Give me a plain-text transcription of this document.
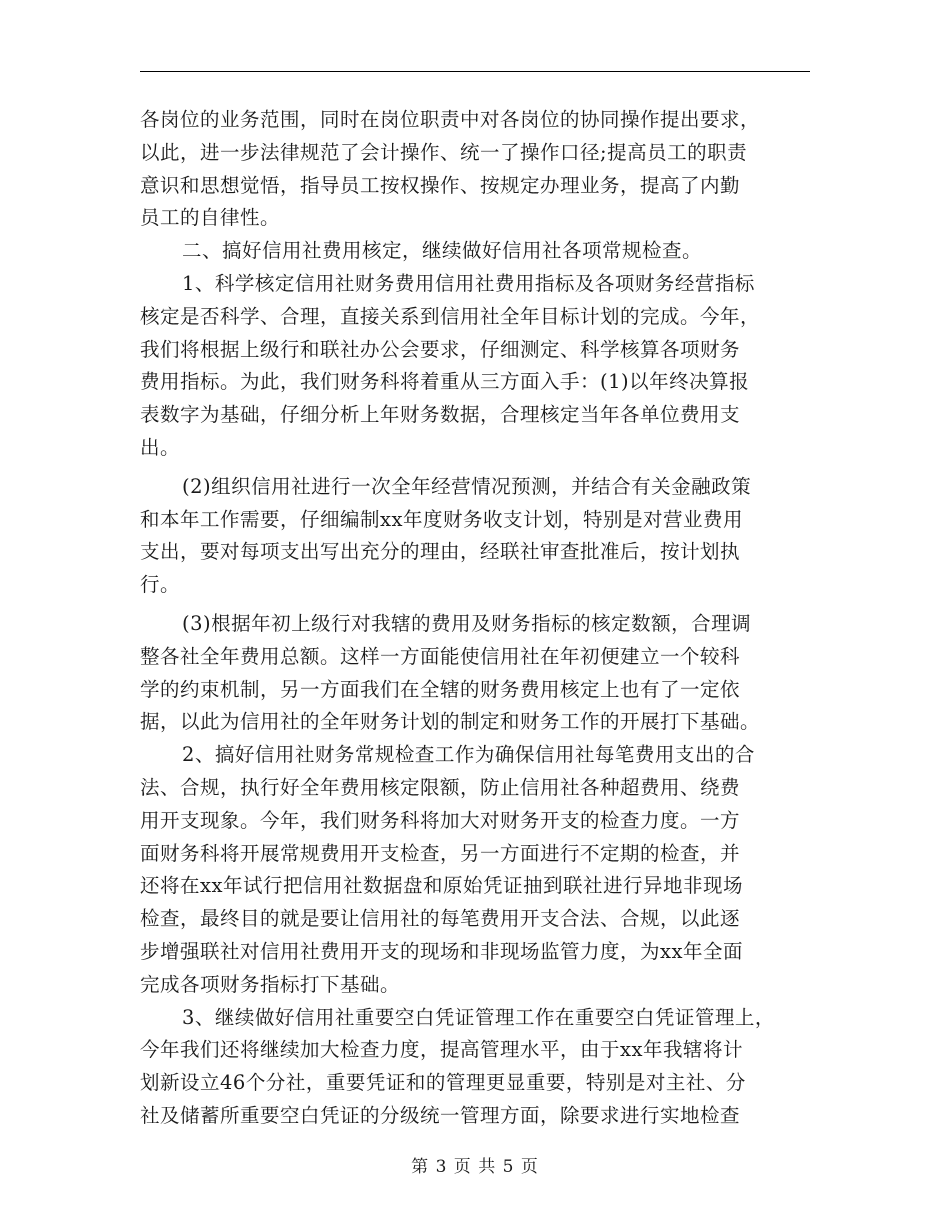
各岗位的业务范围，同时在岗位职责中对各岗位的协同操作提出要求，
以此，进一步法律规范了会计操作、统一了操作口径;提高员工的职责
意识和思想觉悟，指导员工按权操作、按规定办理业务，提高了内勤
员工的自律性。
二、搞好信用社费用核定，继续做好信用社各项常规检查。
1、科学核定信用社财务费用信用社费用指标及各项财务经营指标
核定是否科学、合理，直接关系到信用社全年目标计划的完成。今年，
我们将根据上级行和联社办公会要求，仔细测定、科学核算各项财务
费用指标。为此，我们财务科将着重从三方面入手：(1)以年终决算报
表数字为基础，仔细分析上年财务数据，合理核定当年各单位费用支
出。
(2)组织信用社进行一次全年经营情况预测，并结合有关金融政策
和本年工作需要，仔细编制xx年度财务收支计划，特别是对营业费用
支出，要对每项支出写出充分的理由，经联社审查批准后，按计划执
行。
(3)根据年初上级行对我辖的费用及财务指标的核定数额，合理调
整各社全年费用总额。这样一方面能使信用社在年初便建立一个较科
学的约束机制，另一方面我们在全辖的财务费用核定上也有了一定依
据，以此为信用社的全年财务计划的制定和财务工作的开展打下基础。
2、搞好信用社财务常规检查工作为确保信用社每笔费用支出的合
法、合规，执行好全年费用核定限额，防止信用社各种超费用、绕费
用开支现象。今年，我们财务科将加大对财务开支的检查力度。一方
面财务科将开展常规费用开支检查，另一方面进行不定期的检查，并
还将在xx年试行把信用社数据盘和原始凭证抽到联社进行异地非现场
检查，最终目的就是要让信用社的每笔费用开支合法、合规，以此逐
步增强联社对信用社费用开支的现场和非现场监管力度，为xx年全面
完成各项财务指标打下基础。
3、继续做好信用社重要空白凭证管理工作在重要空白凭证管理上，
今年我们还将继续加大检查力度，提高管理水平，由于xx年我辖将计
划新设立46个分社，重要凭证和的管理更显重要，特别是对主社、分
社及储蓄所重要空白凭证的分级统一管理方面，除要求进行实地检查
第 3 页 共 5 页
